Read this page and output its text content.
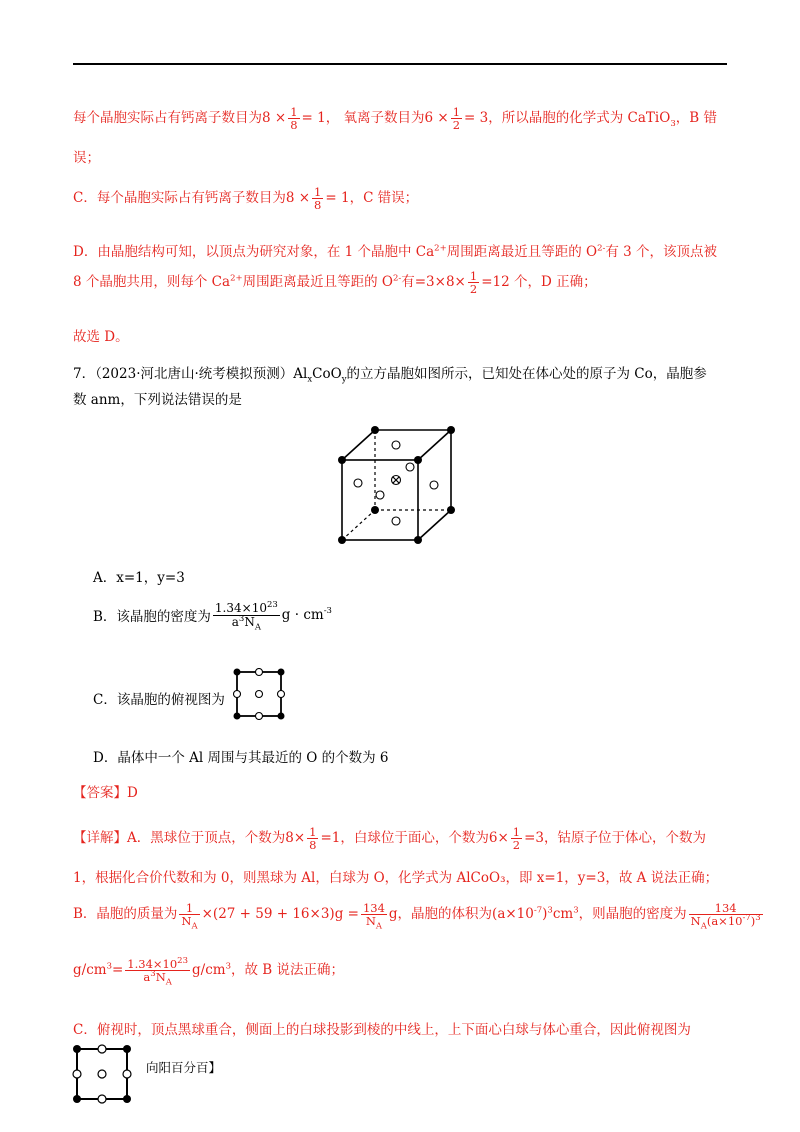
每个晶胞实际占有钙离子数目为$8 \times \frac{1}{8} = 1$， 氧离子数目为$6 \times \frac{1}{2} = 3$，所以晶胞的化学式为 CaTiO$_3$，B 错
误；
C．每个晶胞实际占有钙离子数目为$8 \times \frac{1}{8} = 1$，C 错误；
D．由晶胞结构可知，以顶点为研究对象，在 1 个晶胞中 $Ca^{2+}$周围距离最近且等距的 $O^{2-}$有 3 个，该顶点被
8 个晶胞共用，则每个 $Ca^{2+}$周围距离最近且等距的 $O^{2-}$有$=3\times 8\times \frac{1}{2} =12$ 个，D 正确；
故选 D。
7．（2023·河北唐山·统考模拟预测）$Al_xCoO_y$的立方晶胞如图所示，已知处在体心处的原子为 Co，晶胞参
数 anm，下列说法错误的是
A．x=1，y=3
B．该晶胞的密度为 $\frac{1.34\times 10^{23}}{a^3N_A}$ $g \cdot cm^{-3}$
C．该晶胞的俯视图为
D．晶体中一个 Al 周围与其最近的 O 的个数为 6
【答案】D
【详解】A．黑球位于顶点，个数为$8\times \frac{1}{8} =1$，白球位于面心，个数为$6\times \frac{1}{2} =3$，钴原子位于体心，个数为
1，根据化合价代数和为 0，则黑球为 Al，白球为 O，化学式为 AlCoO₃，即 x=1，y=3，故 A 说法正确；
B．晶胞的质量为 $\frac{1}{N_A} \times(27 + 59 + 16\times 3)g = \frac{134}{N_A}$ g，晶胞的体积为$(a\times 10^{-7})^3cm^3$，则晶胞的密度为 $\frac{134}{N_A(a\times 10^{-7})^3}$
$g/cm^3= \frac{1.34\times 10^{23}}{a^3N_A} g/cm^3$，故 B 说法正确；
C．俯视时，顶点黑球重合，侧面上的白球投影到棱的中线上，上下面心白球与体心重合，因此俯视图为
向阳百分百】
